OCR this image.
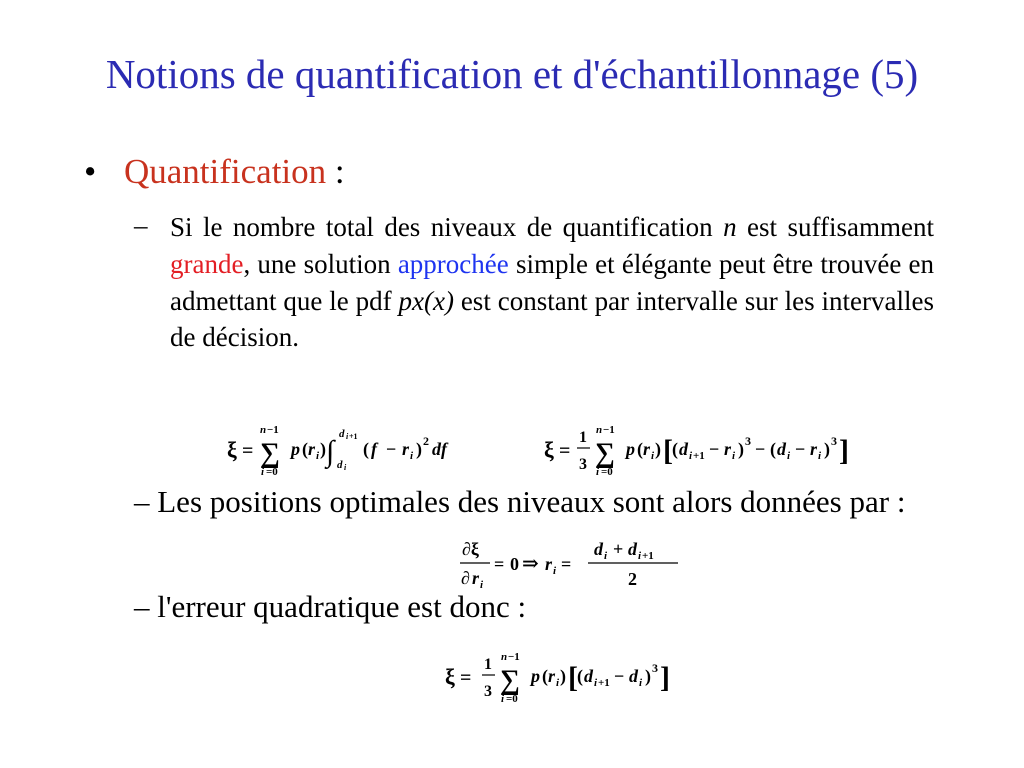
Notions de quantification et d'échantillonnage (5)
• Quantification :
– Si le nombre total des niveaux de quantification n est suffisamment grande, une solution approchée simple et élégante peut être trouvée en admettant que le pdf px(x) est constant par intervalle sur les intervalles de décision.
ξ =
n −1
∑
i =0
p ( r i ) ∫
d i +1
d i
( f − r i ) 2 df	ξ =
1
3
n −1
∑
i =0
p ( r i ) [ ( d i +1 − r i ) 3 − ( d i − r i ) 3 ]
– Les positions optimales des niveaux sont alors données par :
∂ξ
∂ r i
= 0 ⇒ r i =
d i + d i +1
2
– l'erreur quadratique est donc :
ξ =
1
3
n −1
∑
i =0
p ( r i ) [ ( d i +1 − d i ) 3 ]
